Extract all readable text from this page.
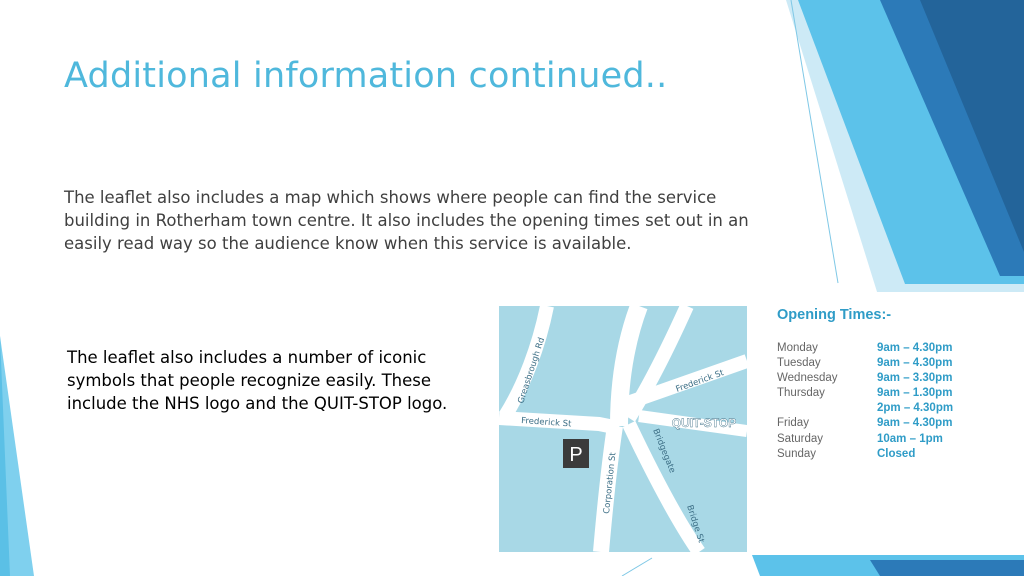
Additional information continued..
The leaflet also includes a map which shows where people can find the service building in Rotherham town centre. It also includes the opening times set out in an easily read way so the audience know when this service is available.
The leaflet also includes a number of iconic symbols that people recognize easily. These include the NHS logo and the QUIT-STOP logo.	Greasbrough Rd
Frederick St
Frederick St
Corporation St
Bridgegate
Bridge St
P
QUIT-STOP
Opening Times:-
Monday	9am – 4.30pm
Tuesday	9am – 4.30pm
Wednesday	9am – 3.30pm
Thursday	9am – 1.30pm
2pm – 4.30pm
Friday	9am – 4.30pm
Saturday	10am – 1pm
Sunday	Closed
